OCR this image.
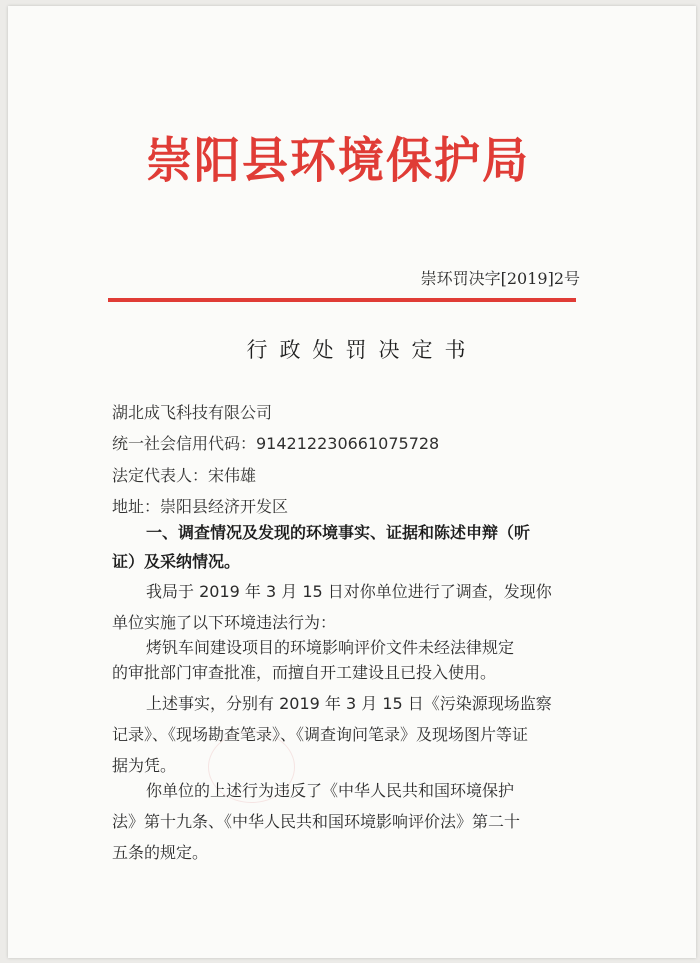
崇阳县环境保护局
崇环罚决字[2019]2号
行政处罚决定书
湖北成飞科技有限公司
统一社会信用代码：914212230661075728
法定代表人：宋伟雄
地址：崇阳县经济开发区
一、调查情况及发现的环境事实、证据和陈述申辩（听
证）及采纳情况。
我局于 2019 年 3 月 15 日对你单位进行了调查，发现你
单位实施了以下环境违法行为：
烤钒车间建设项目的环境影响评价文件未经法律规定
的审批部门审查批准，而擅自开工建设且已投入使用。
上述事实，分别有 2019 年 3 月 15 日《污染源现场监察
记录》、《现场勘查笔录》、《调查询问笔录》及现场图片等证
据为凭。
你单位的上述行为违反了《中华人民共和国环境保护
法》第十九条、《中华人民共和国环境影响评价法》第二十
五条的规定。
